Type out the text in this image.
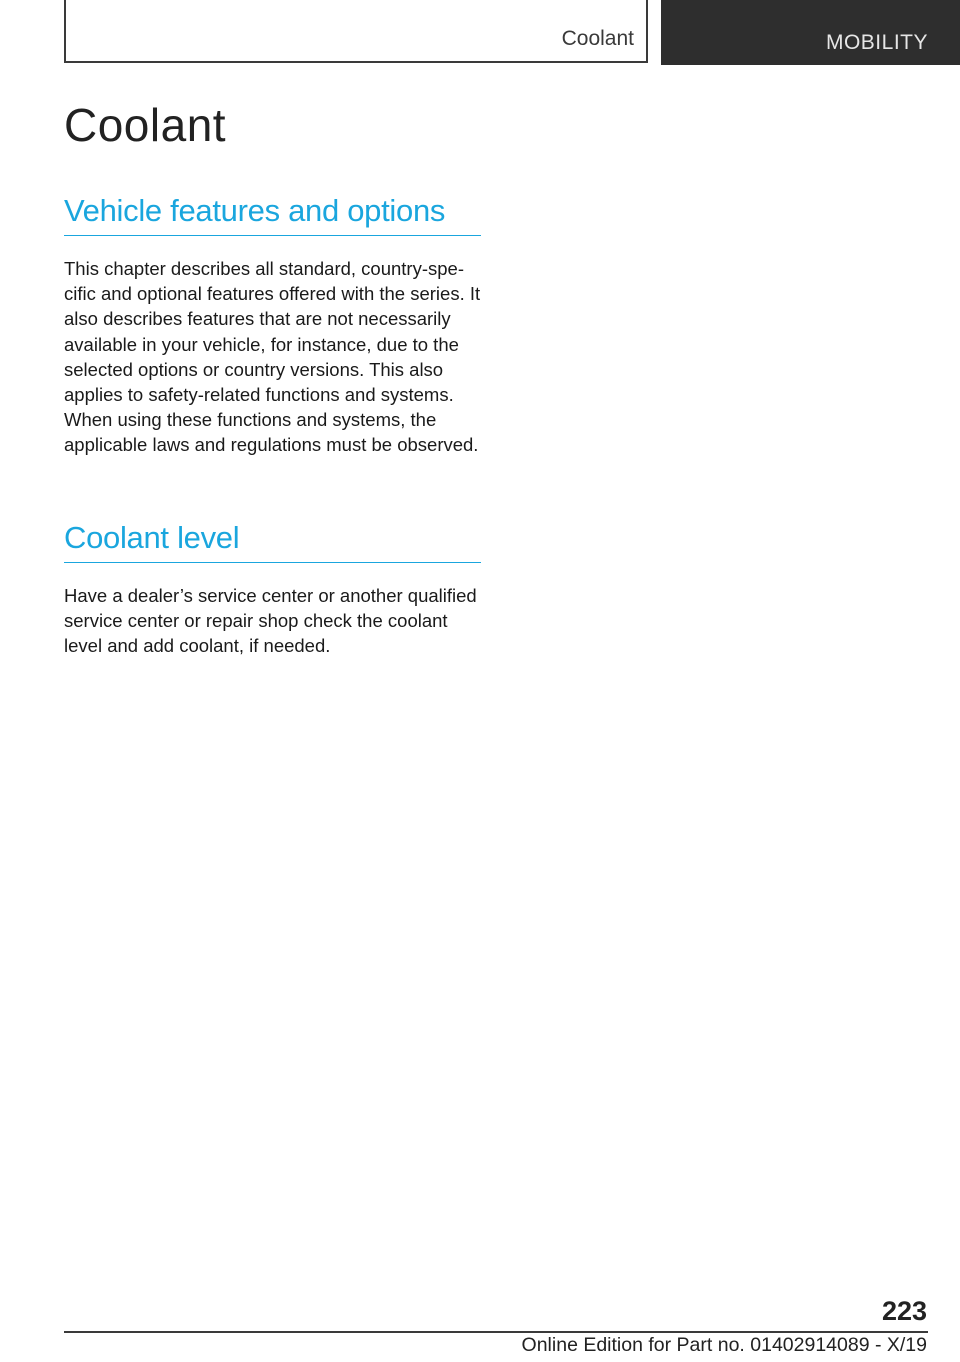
Coolant	MOBILITY
Coolant
Vehicle features and options

This chapter describes all standard, country-specific and optional features offered with the series. It also describes features that are not necessarily available in your vehicle, for instance, due to the selected options or country versions. This also applies to safety-related functions and systems. When using these functions and systems, the applicable laws and regulations must be observed.

Coolant level

Have a dealer’s service center or another qualified service center or repair shop check the coolant level and add coolant, if needed.

223
Online Edition for Part no. 01402914089 - X/19
